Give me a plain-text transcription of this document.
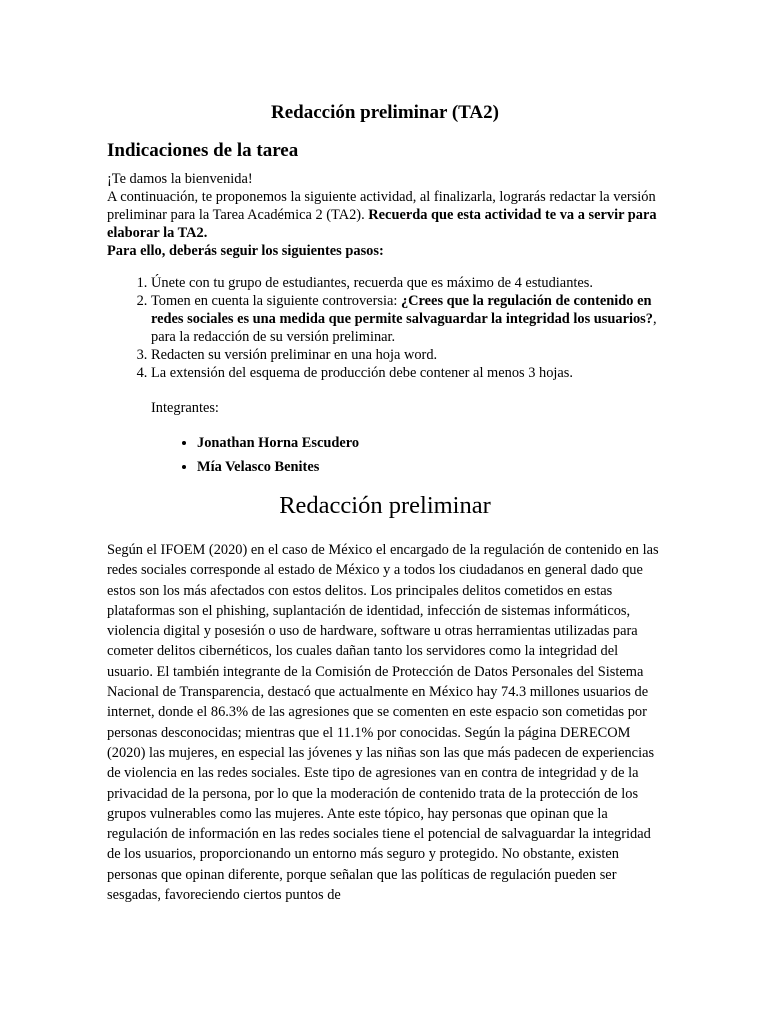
Redacción preliminar (TA2)
Indicaciones de la tarea
¡Te damos la bienvenida!
A continuación, te proponemos la siguiente actividad, al finalizarla, lograrás redactar la versión preliminar para la Tarea Académica 2 (TA2). Recuerda que esta actividad te va a servir para elaborar la TA2.
Para ello, deberás seguir los siguientes pasos:
1. Únete con tu grupo de estudiantes, recuerda que es máximo de 4 estudiantes.
2. Tomen en cuenta la siguiente controversia: ¿Crees que la regulación de contenido en redes sociales es una medida que permite salvaguardar la integridad los usuarios?, para la redacción de su versión preliminar.
3. Redacten su versión preliminar en una hoja word.
4. La extensión del esquema de producción debe contener al menos 3 hojas.
Integrantes:
• Jonathan Horna Escudero
• Mía Velasco Benites
Redacción preliminar

Según el IFOEM (2020) en el caso de México el encargado de la regulación de contenido en las redes sociales corresponde al estado de México y a todos los ciudadanos en general dado que estos son los más afectados con estos delitos. Los principales delitos cometidos en estas plataformas son el phishing, suplantación de identidad, infección de sistemas informáticos, violencia digital y posesión o uso de hardware, software u otras herramientas utilizadas para cometer delitos cibernéticos, los cuales dañan tanto los servidores como la integridad del usuario. El también integrante de la Comisión de Protección de Datos Personales del Sistema Nacional de Transparencia, destacó que actualmente en México hay 74.3 millones usuarios de internet, donde el 86.3% de las agresiones que se comenten en este espacio son cometidas por personas desconocidas; mientras que el 11.1% por conocidas. Según la página DERECOM (2020) las mujeres, en especial las jóvenes y las niñas son las que más padecen de experiencias de violencia en las redes sociales. Este tipo de agresiones van en contra de integridad y de la privacidad de la persona, por lo que la moderación de contenido trata de la protección de los grupos vulnerables como las mujeres. Ante este tópico, hay personas que opinan que la regulación de información en las redes sociales tiene el potencial de salvaguardar la integridad de los usuarios, proporcionando un entorno más seguro y protegido. No obstante, existen personas que opinan diferente, porque señalan que las políticas de regulación pueden ser sesgadas, favoreciendo ciertos puntos de
